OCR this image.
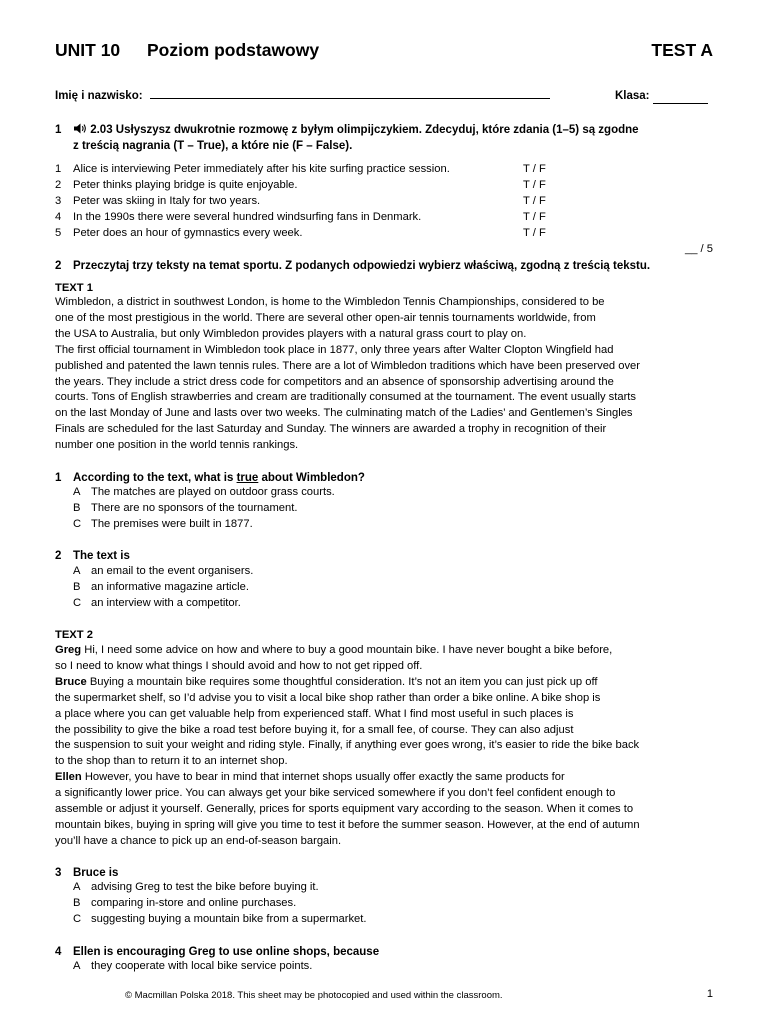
UNIT 10 Poziom podstawowy	TEST A
Imię i nazwisko:	Klasa:
1	2.03 Usłyszysz dwukrotnie rozmowę z byłym olimpijczykiem. Zdecyduj, które zdania (1–5) są zgodne
z treścią nagrania (T – True), a które nie (F – False).
1 Alice is interviewing Peter immediately after his kite surfing practice session.	T / F
2 Peter thinks playing bridge is quite enjoyable.	T / F
3 Peter was skiing in Italy for two years.	T / F
4 In the 1990s there were several hundred windsurfing fans in Denmark.	T / F
5 Peter does an hour of gymnastics every week.	T / F
__ / 5
2 Przeczytaj trzy teksty na temat sportu. Z podanych odpowiedzi wybierz właściwą, zgodną z treścią tekstu.
TEXT 1
Wimbledon, a district in southwest London, is home to the Wimbledon Tennis Championships, considered to be
one of the most prestigious in the world. There are several other open-air tennis tournaments worldwide, from
the USA to Australia, but only Wimbledon provides players with a natural grass court to play on.
The first official tournament in Wimbledon took place in 1877, only three years after Walter Clopton Wingfield had
published and patented the lawn tennis rules. There are a lot of Wimbledon traditions which have been preserved over
the years. They include a strict dress code for competitors and an absence of sponsorship advertising around the
courts. Tons of English strawberries and cream are traditionally consumed at the tournament. The event usually starts
on the last Monday of June and lasts over two weeks. The culminating match of the Ladies’ and Gentlemen’s Singles
Finals are scheduled for the last Saturday and Sunday. The winners are awarded a trophy in recognition of their
number one position in the world tennis rankings.
1 According to the text, what is true about Wimbledon?
A The matches are played on outdoor grass courts.
B There are no sponsors of the tournament.
C The premises were built in 1877.
2 The text is
A an email to the event organisers.
B an informative magazine article.
C an interview with a competitor.
TEXT 2
Greg Hi, I need some advice on how and where to buy a good mountain bike. I have never bought a bike before,
so I need to know what things I should avoid and how to not get ripped off.
Bruce Buying a mountain bike requires some thoughtful consideration. It’s not an item you can just pick up off
the supermarket shelf, so I’d advise you to visit a local bike shop rather than order a bike online. A bike shop is
a place where you can get valuable help from experienced staff. What I find most useful in such places is
the possibility to give the bike a road test before buying it, for a small fee, of course. They can also adjust
the suspension to suit your weight and riding style. Finally, if anything ever goes wrong, it’s easier to ride the bike back
to the shop than to return it to an internet shop.
Ellen However, you have to bear in mind that internet shops usually offer exactly the same products for
a significantly lower price. You can always get your bike serviced somewhere if you don’t feel confident enough to
assemble or adjust it yourself. Generally, prices for sports equipment vary according to the season. When it comes to
mountain bikes, buying in spring will give you time to test it before the summer season. However, at the end of autumn
you’ll have a chance to pick up an end-of-season bargain.
3 Bruce is
A advising Greg to test the bike before buying it.
B comparing in-store and online purchases.
C suggesting buying a mountain bike from a supermarket.
4 Ellen is encouraging Greg to use online shops, because
A they cooperate with local bike service points.
© Macmillan Polska 2018. This sheet may be photocopied and used within the classroom.	1
